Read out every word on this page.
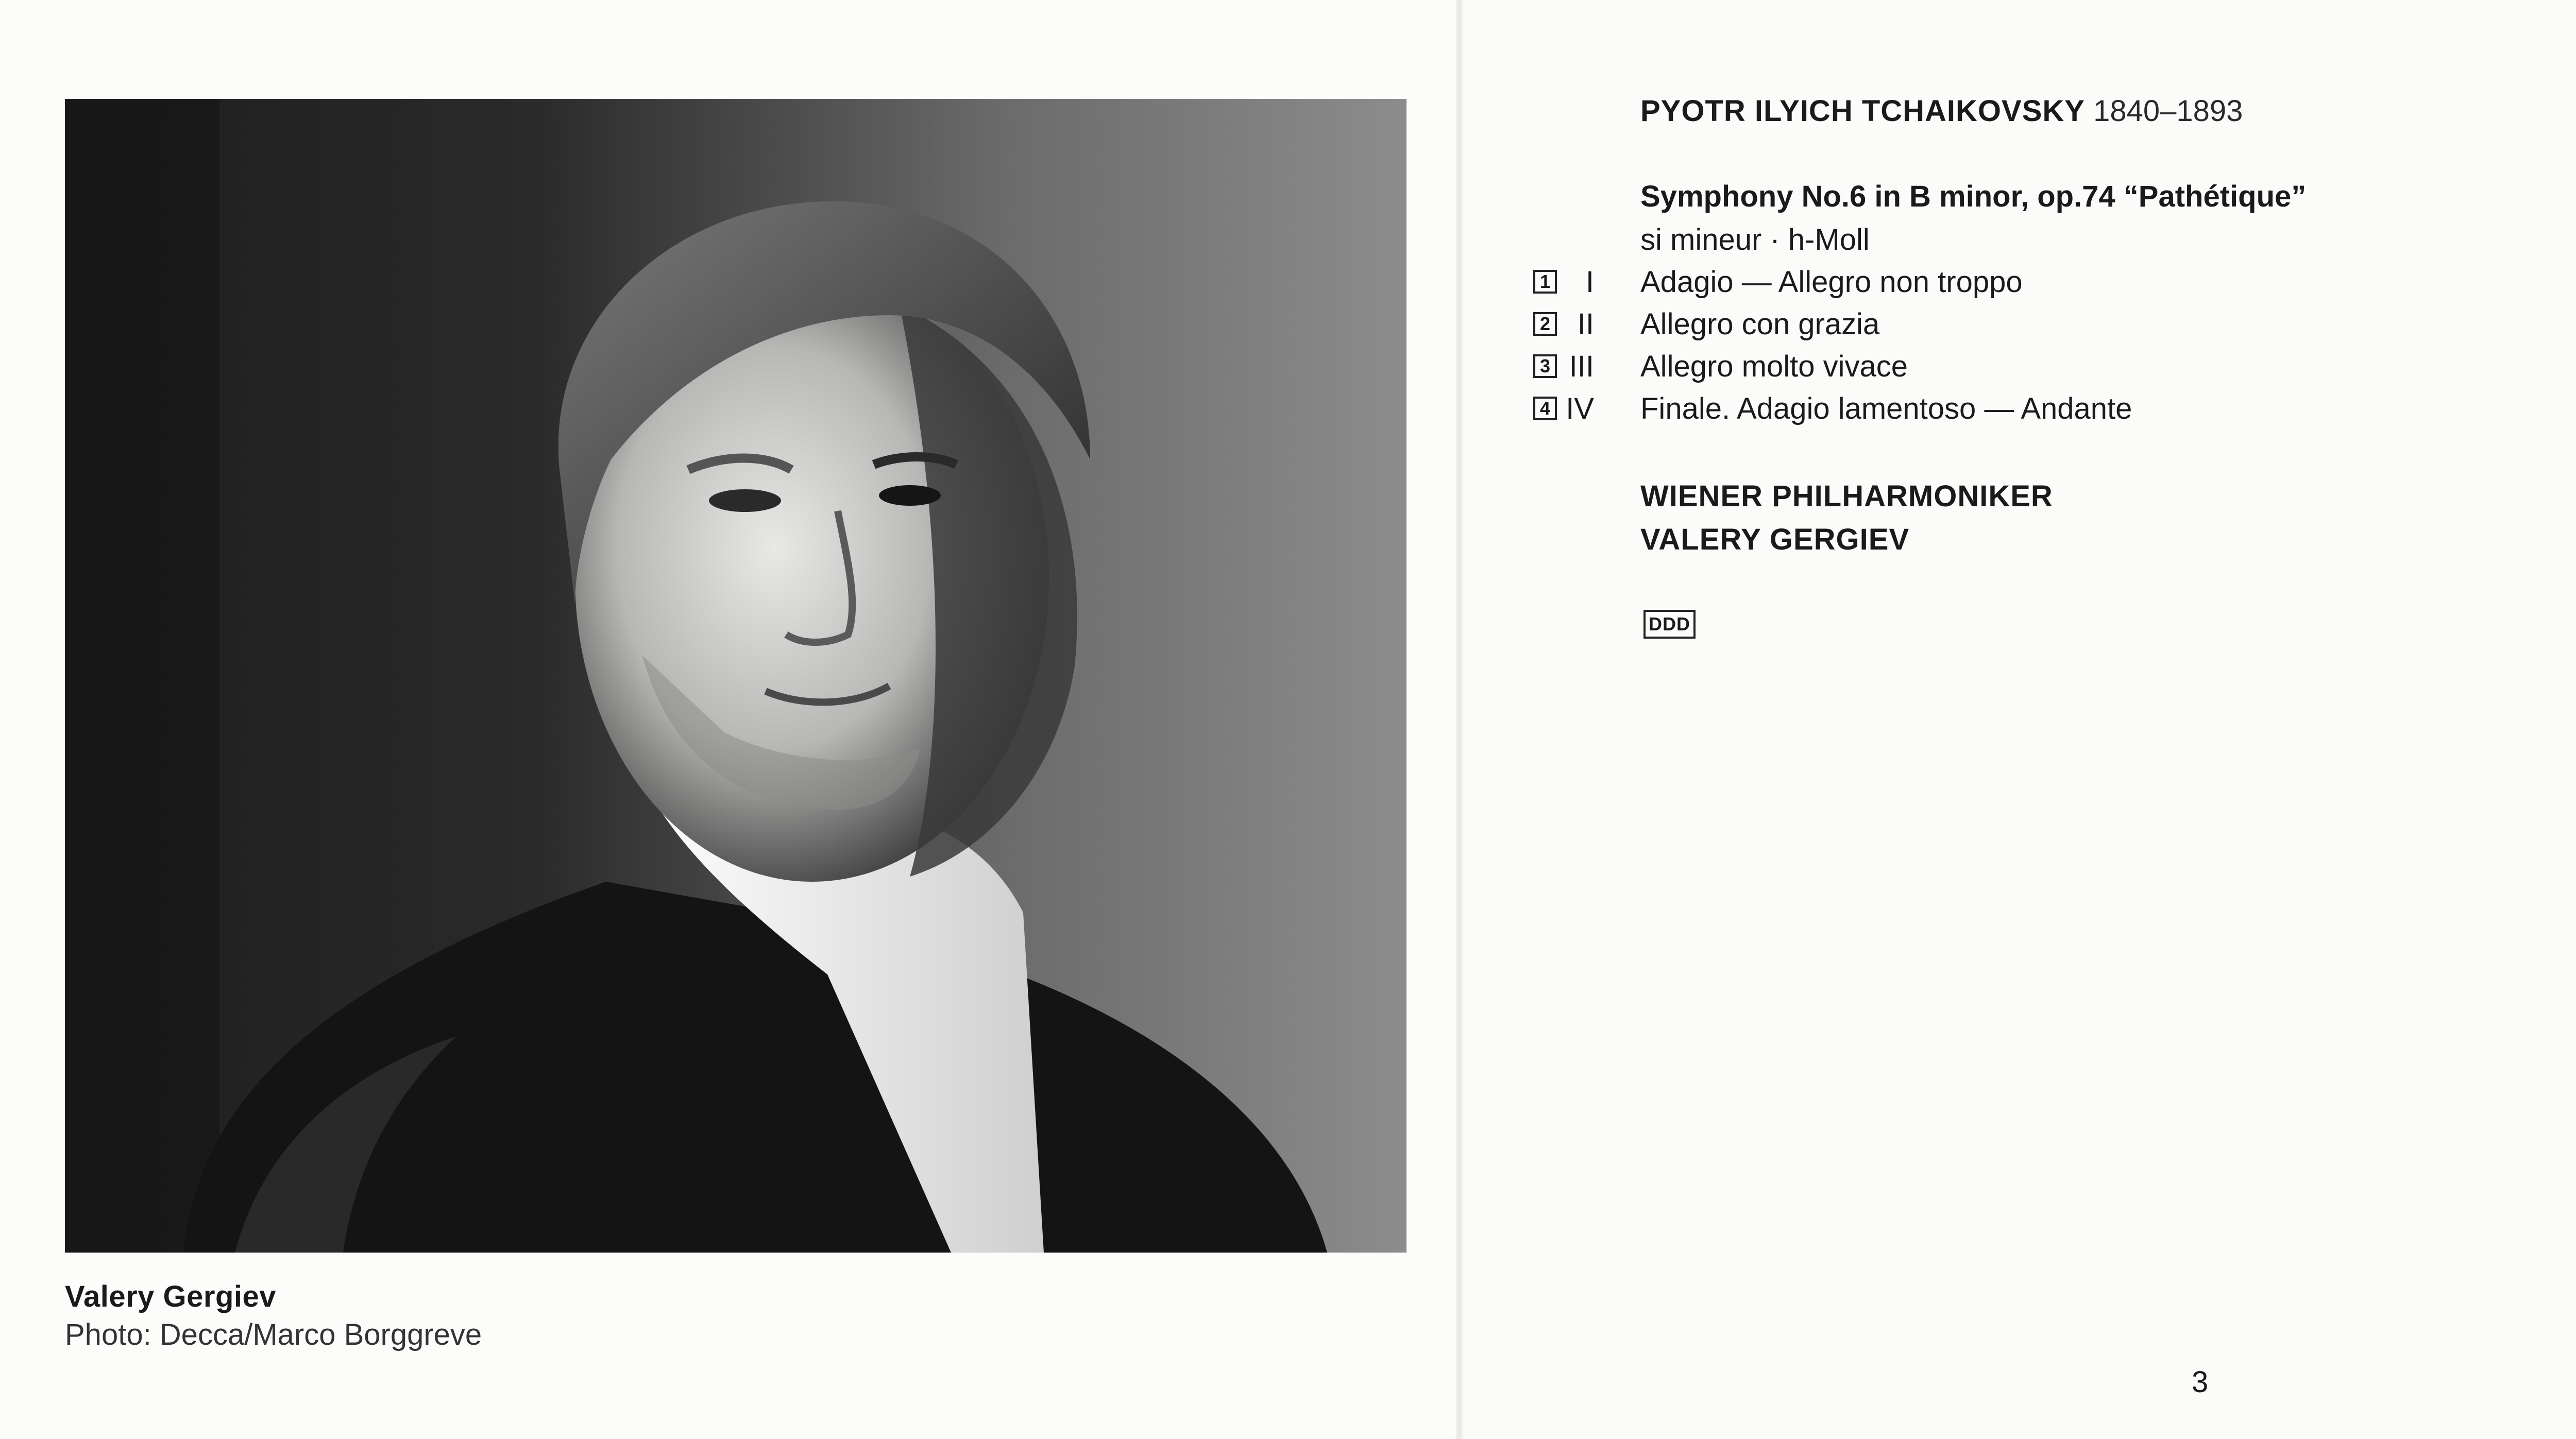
Valery Gergiev
Photo: Decca/Marco Borggreve
PYOTR ILYICH TCHAIKOVSKY 1840–1893
Symphony No.6 in B minor, op.74 “Pathétique”
si mineur · h-Moll
1 I Adagio — Allegro non troppo
2 II Allegro con grazia
3 III Allegro molto vivace
4 IV Finale. Adagio lamentoso — Andante
WIENER PHILHARMONIKER
VALERY GERGIEV
DDD
3
